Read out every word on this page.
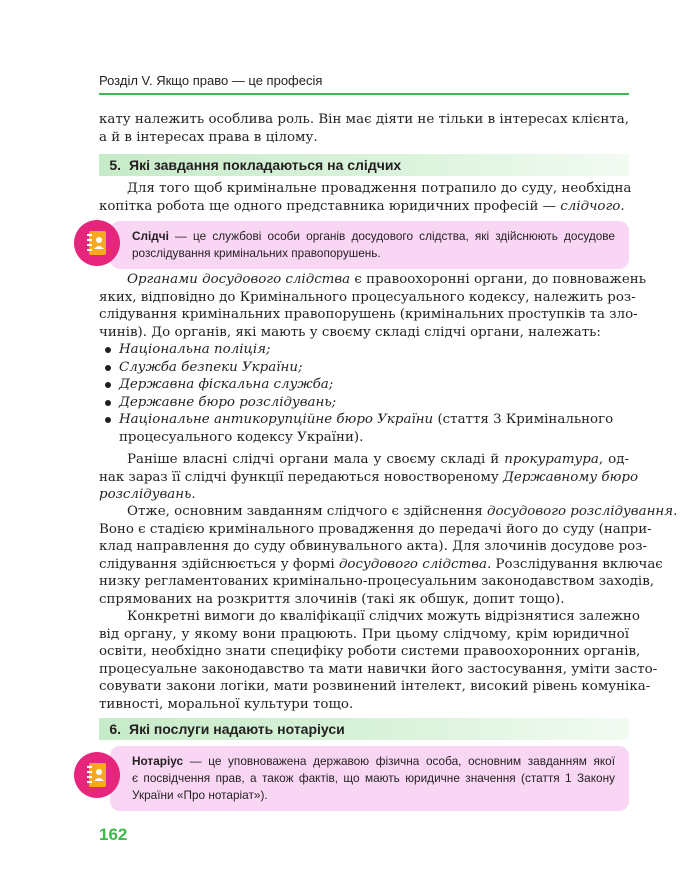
Розділ V. Якщо право — це професія
кату належить особлива роль. Він має діяти не тільки в інтересах клієнта,
а й в інтересах права в цілому.
5. Які завдання покладаються на слідчих
Для того щоб кримінальне провадження потрапило до суду, необхідна
копітка робота ще одного представника юридичних професій — слідчого.
Слідчі — це службові особи органів досудового слідства, які здійснюють досудове
розслідування кримінальних правопорушень.
Органами досудового слідства є правоохоронні органи, до повноважень
яких, відповідно до Кримінального процесуального кодексу, належить роз-
слідування кримінальних правопорушень (кримінальних проступків та зло-
чинів). До органів, які мають у своєму складі слідчі органи, належать:
Національна поліція;
Служба безпеки України;
Державна фіскальна служба;
Державне бюро розслідувань;
Національне антикорупційне бюро України (стаття 3 Кримінального
процесуального кодексу України).
Раніше власні слідчі органи мала у своєму складі й прокуратура, од-
нак зараз її слідчі функції передаються новоствореному Державному бюро
розслідувань.
Отже, основним завданням слідчого є здійснення досудового розслідування.
Воно є стадією кримінального провадження до передачі його до суду (напри-
клад направлення до суду обвинувального акта). Для злочинів досудове роз-
слідування здійснюється у формі досудового слідства. Розслідування включає
низку регламентованих кримінально-процесуальним законодавством заходів,
спрямованих на розкриття злочинів (такі як обшук, допит тощо).
Конкретні вимоги до кваліфікації слідчих можуть відрізнятися залежно
від органу, у якому вони працюють. При цьому слідчому, крім юридичної
освіти, необхідно знати специфіку роботи системи правоохоронних органів,
процесуальне законодавство та мати навички його застосування, уміти засто-
совувати закони логіки, мати розвинений інтелект, високий рівень комуніка-
тивності, моральної культури тощо.
6. Які послуги надають нотаріуси
Нотаріус — це уповноважена державою фізична особа, основним завданням якої
є посвідчення прав, а також фактів, що мають юридичне значення (стаття 1 Закону
України «Про нотаріат»).
162
